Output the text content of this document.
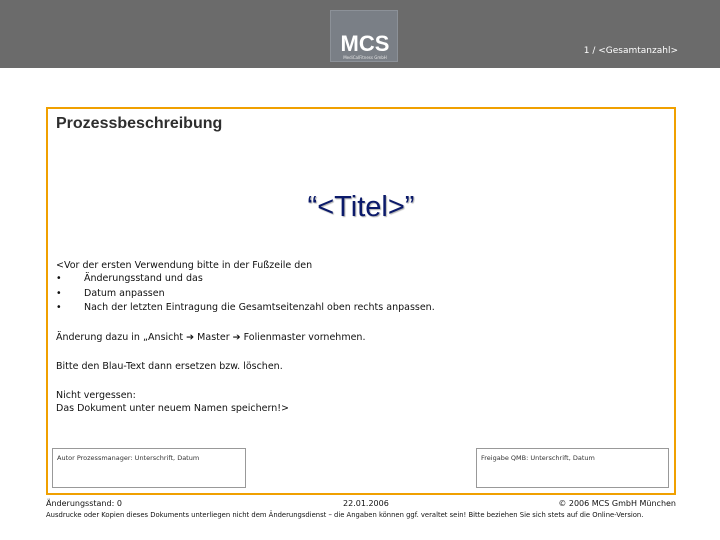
MCS
MediCalFitness GmbH
1 / <Gesamtanzahl>
Prozessbeschreibung
“<Titel>”
<Vor der ersten Verwendung bitte in der Fußzeile den
• Änderungsstand und das
• Datum anpassen
• Nach der letzten Eintragung die Gesamtseitenzahl oben rechts anpassen.
Änderung dazu in „Ansicht ➔ Master ➔ Folienmaster vornehmen.
Bitte den Blau-Text dann ersetzen bzw. löschen.
Nicht vergessen:
Das Dokument unter neuem Namen speichern!>
Autor Prozessmanager: Unterschrift, Datum	Freigabe QMB: Unterschrift, Datum
Änderungsstand: 0	22.01.2006	© 2006 MCS GmbH München
Ausdrucke oder Kopien dieses Dokuments unterliegen nicht dem Änderungsdienst – die Angaben können ggf. veraltet sein! Bitte beziehen Sie sich stets auf die Online-Version.
